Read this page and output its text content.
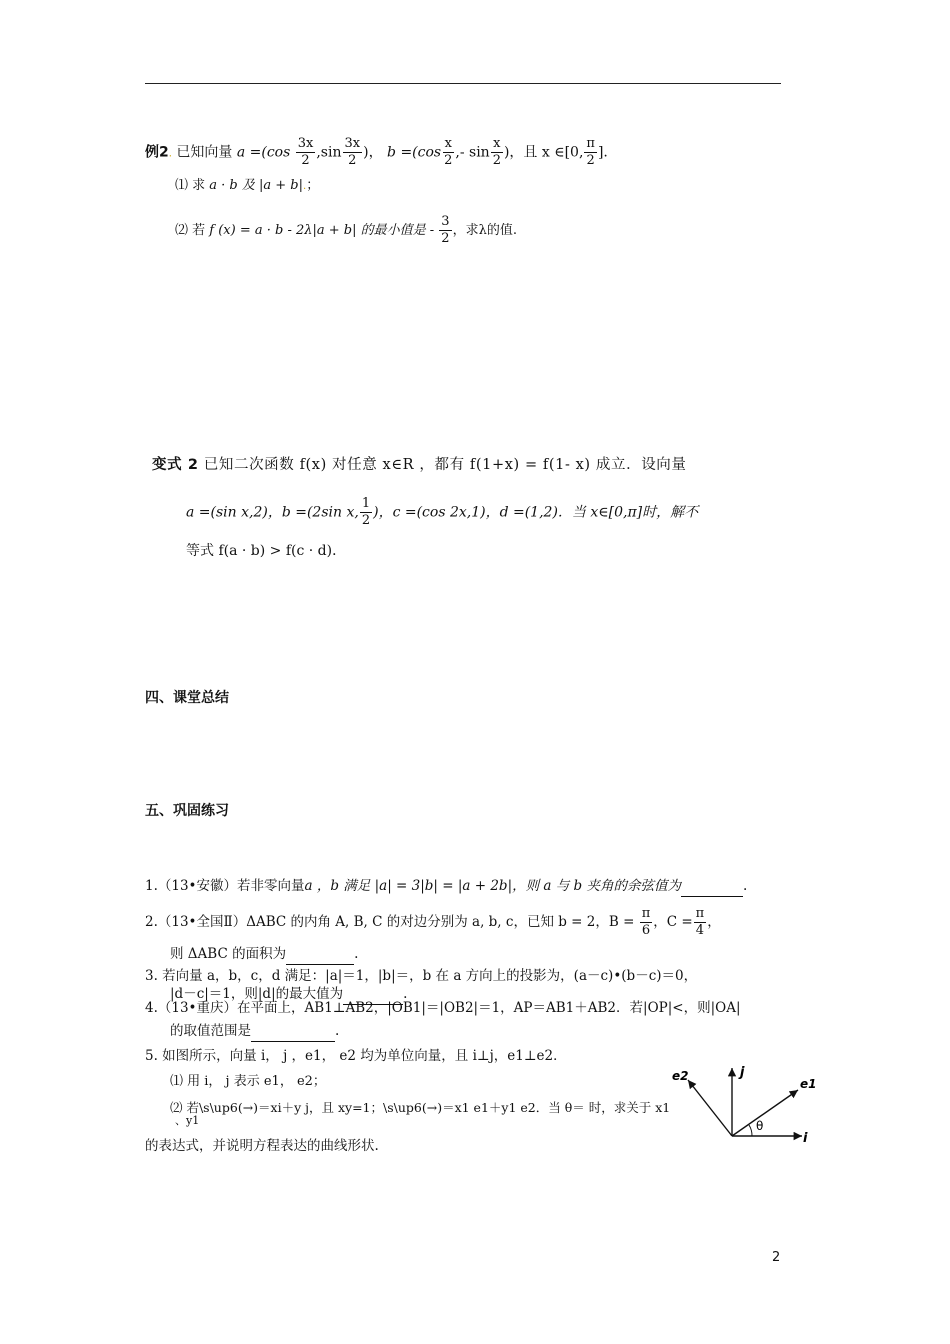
例2. 已知向量 $a =(\cos \frac{3x}{2} ,\sin \frac{3x}{2}$ )， $b =(\cos \frac{x}{2}$ ,- $\sin \frac{x}{2}$ )，且 x ∈[0, $\frac{\pi}{2}$ ].
⑴ 求 a · b 及 |a + b|.；
⑵ 若 f (x) = a · b - 2λ|a + b| 的最小值是 - $\frac{3}{2}$ ，求λ的值.
变式 2 已知二次函数 f(x) 对任意 x∈R ，都有 f(1+x) = f(1- x) 成立．设向量
a =(sin x,2)，b =(2sin x, $\frac{1}{2}$ )，c =(cos 2x,1)，d =(1,2)．当 x∈[0,π]时，解不
等式 f(a · b) > f(c · d)．
四、课堂总结
五、巩固练习
1.（13•安徽）若非零向量a ，b 满足 |a| = 3|b| = |a + 2b|，则 a 与 b 夹角的余弦值为	.
2.（13•全国Ⅱ）ΔABC 的内角 A, B, C 的对边分别为 a, b, c，已知 b = 2，$B = \frac{\pi}{6}$ ，$C = \frac{\pi}{4}$ ，
则 ΔABC 的面积为	.
3. 若向量 a，b，c，d 满足：|a|＝1，|b|＝，b 在 a 方向上的投影为，(a－c)•(b－c)＝0，
|d－c|＝1，则|d|的最大值为	.
4.（13•重庆）在平面上，AB1⊥AB2，|OB1|＝|OB2|＝1，AP＝AB1＋AB2．若|OP|<，则|OA|
的取值范围是	.
5. 如图所示，向量 i， j ，e1， e2 均为单位向量，且 i⊥j，e1⊥e2．
⑴ 用 i， j 表示 e1， e2；
⑵ 若\s\up6(→)＝xi＋y j，且 xy=1；\s\up6(→)＝x1 e1＋y1 e2．当 θ＝ 时，求关于 x1
、y1
的表达式，并说明方程表达的曲线形状.
e2	j
e1
i
θ
2
